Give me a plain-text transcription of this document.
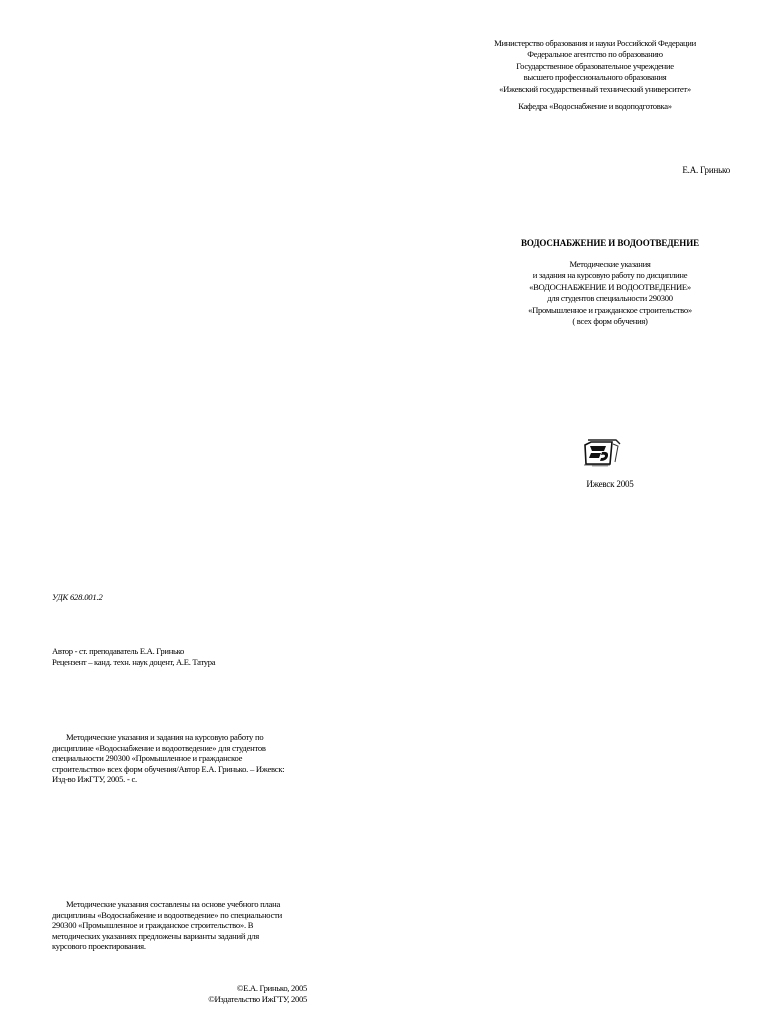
Министерство образования и науки Российской Федерации
Федеральное агентство по образованию
Государственное образовательное учреждение
высшего профессионального образования
«Ижевский государственный технический университет»
Кафедра «Водоснабжение и водоподготовка»
Е.А. Гринько
ВОДОСНАБЖЕНИЕ И ВОДООТВЕДЕНИЕ
Методические указания
и задания на курсовую работу по дисциплине
«ВОДОСНАБЖЕНИЕ И ВОДООТВЕДЕНИЕ»
для студентов специальности 290300
«Промышленное и гражданское строительство»
( всех форм обучения)
Ижевск 2005
УДК 628.001.2
Автор - ст. преподаватель Е.А. Гринько
Рецензент – канд. техн. наук доцент, А.Е. Татура
Методические указания и задания на курсовую работу по
дисциплине «Водоснабжение и водоотведение» для студентов
специальности 290300 «Промышленное и гражданское
строительство» всех форм обучения/Автор Е.А. Гринько. – Ижевск:
Изд-во ИжГТУ, 2005. - с.
Методические указания составлены на основе учебного плана
дисциплины «Водоснабжение и водоотведение» по специальности
290300 «Промышленное и гражданское строительство». В
методических указаниях предложены варианты заданий для
курсового проектирования.
©Е.А. Гринько, 2005
©Издательство ИжГТУ, 2005
